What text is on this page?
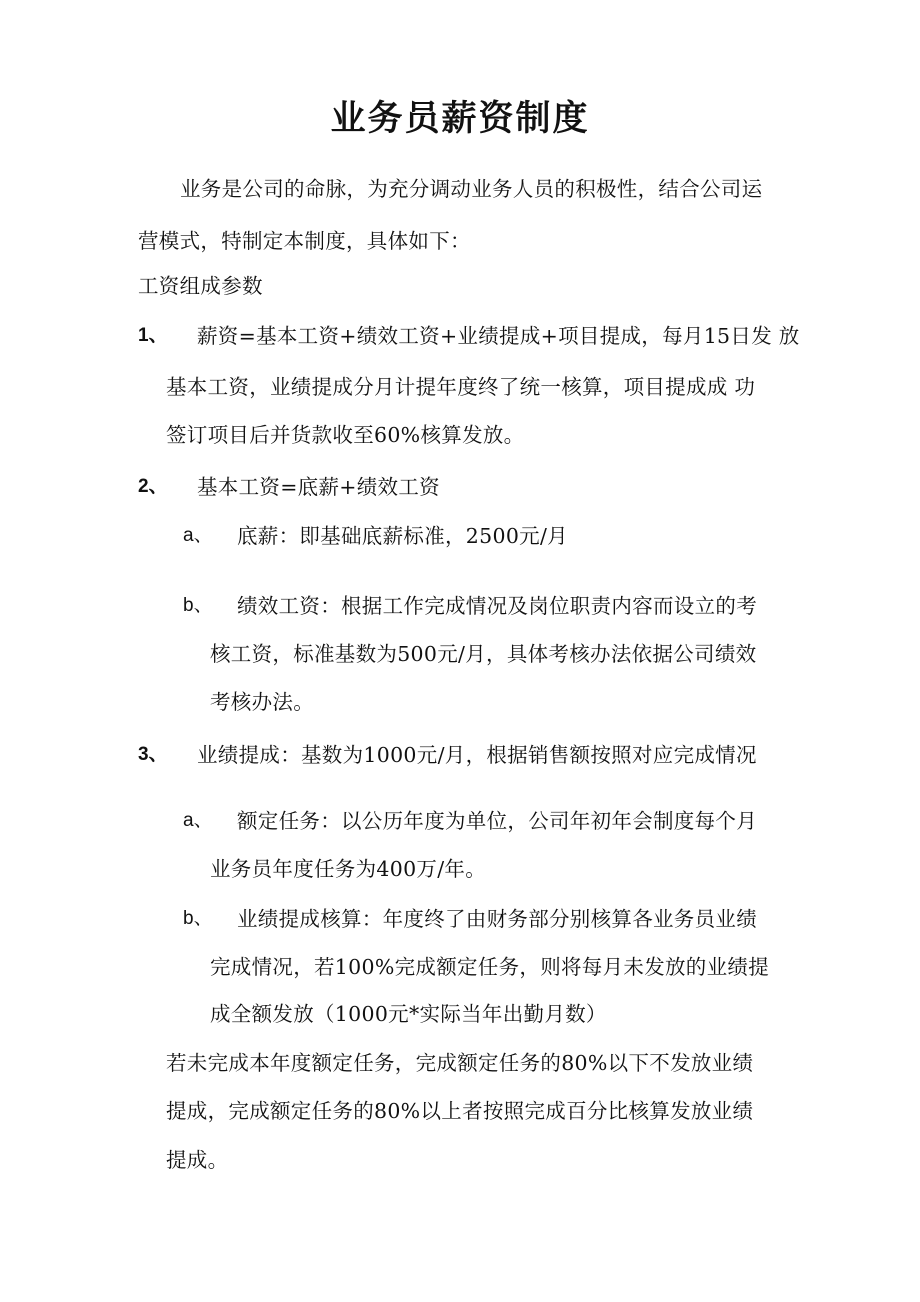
业务员薪资制度
业务是公司的命脉，为充分调动业务人员的积极性，结合公司运
营模式，特制定本制度，具体如下：
工资组成参数
1、 薪资=基本工资+绩效工资+业绩提成+项目提成，每月15日发 放
基本工资，业绩提成分月计提年度终了统一核算，项目提成成 功
签订项目后并货款收至60%核算发放。
2、 基本工资=底薪+绩效工资
a、 底薪：即基础底薪标准，2500元/月
b、 绩效工资：根据工作完成情况及岗位职责内容而设立的考
核工资，标准基数为500元/月，具体考核办法依据公司绩效
考核办法。
3、 业绩提成：基数为1000元/月，根据销售额按照对应完成情况
a、 额定任务：以公历年度为单位，公司年初年会制度每个月
业务员年度任务为400万/年。
b、 业绩提成核算：年度终了由财务部分别核算各业务员业绩
完成情况，若100%完成额定任务，则将每月未发放的业绩提
成全额发放（1000元*实际当年出勤月数）
若未完成本年度额定任务，完成额定任务的80%以下不发放业绩
提成，完成额定任务的80%以上者按照完成百分比核算发放业绩
提成。
